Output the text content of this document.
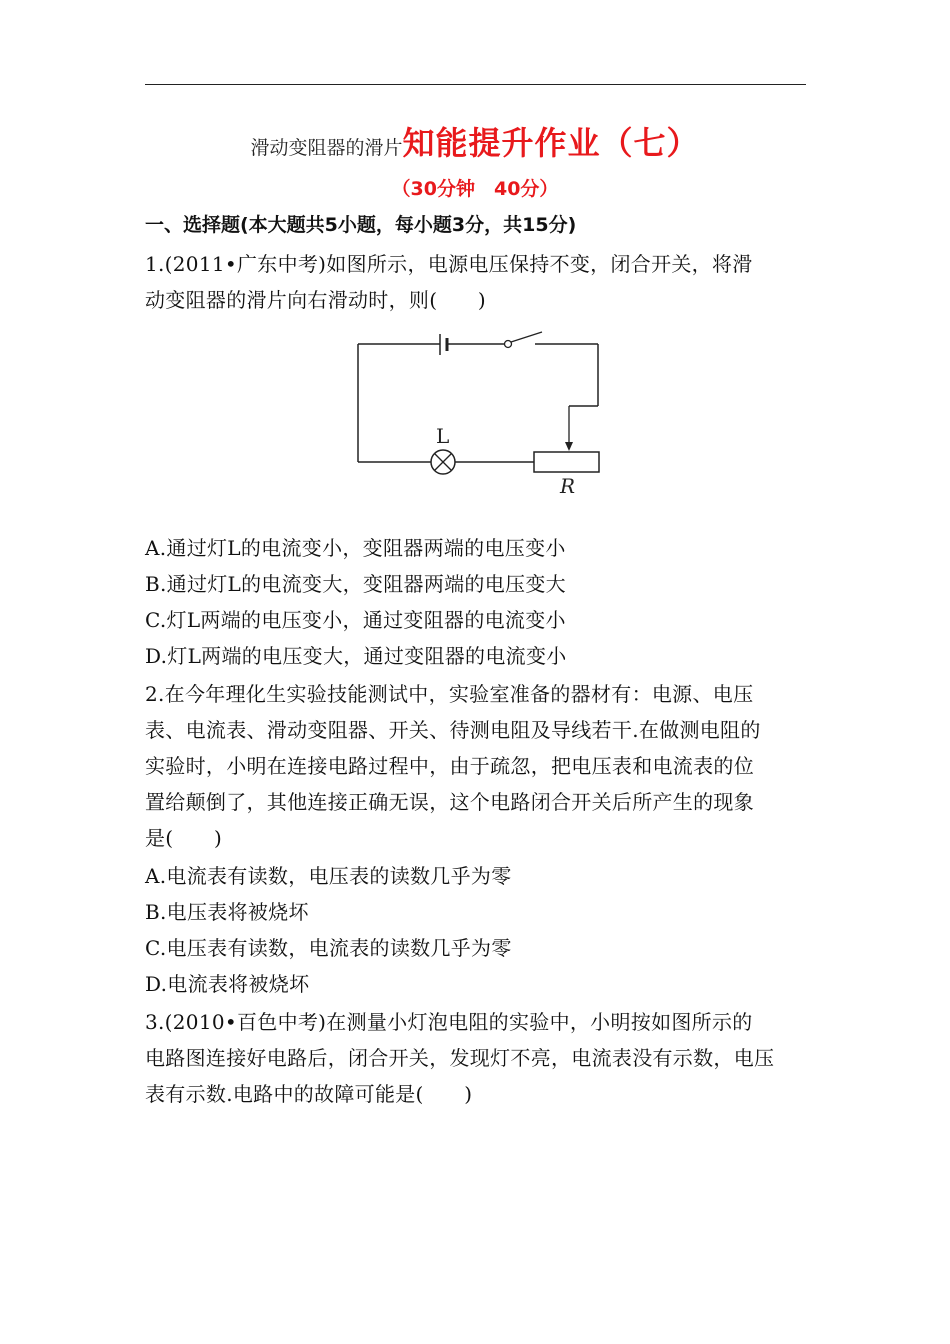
滑动变阻器的滑片知能提升作业（七）
（30分钟　40分）
一、选择题(本大题共5小题，每小题3分，共15分)
1.(2011•广东中考)如图所示，电源电压保持不变，闭合开关，将滑
动变阻器的滑片向右滑动时，则(　　)
L
R
A.通过灯L的电流变小，变阻器两端的电压变小
B.通过灯L的电流变大，变阻器两端的电压变大
C.灯L两端的电压变小，通过变阻器的电流变小
D.灯L两端的电压变大，通过变阻器的电流变小
2.在今年理化生实验技能测试中，实验室准备的器材有：电源、电压
表、电流表、滑动变阻器、开关、待测电阻及导线若干.在做测电阻的
实验时，小明在连接电路过程中，由于疏忽，把电压表和电流表的位
置给颠倒了，其他连接正确无误，这个电路闭合开关后所产生的现象
是(　　)
A.电流表有读数，电压表的读数几乎为零
B.电压表将被烧坏
C.电压表有读数，电流表的读数几乎为零
D.电流表将被烧坏
3.(2010•百色中考)在测量小灯泡电阻的实验中，小明按如图所示的
电路图连接好电路后，闭合开关，发现灯不亮，电流表没有示数，电压
表有示数.电路中的故障可能是(　　)
